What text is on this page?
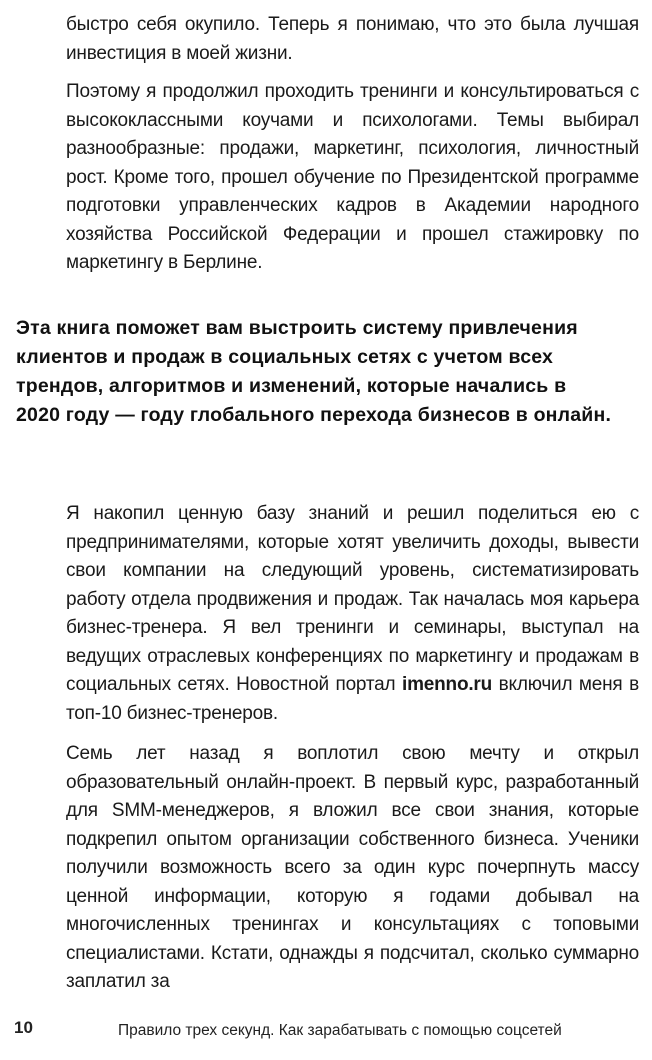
быстро себя окупило. Теперь я понимаю, что это была лучшая инвестиция в моей жизни.

Поэтому я продолжил проходить тренинги и консультироваться с высококлассными коучами и психологами. Темы выбирал разнообразные: продажи, маркетинг, психология, личностный рост. Кроме того, прошел обучение по Президентской программе подготовки управленческих кадров в Академии народного хозяйства Российской Федерации и прошел стажировку по маркетингу в Берлине.

Эта книга поможет вам выстроить систему привлечения клиентов и продаж в социальных сетях с учетом всех трендов, алгоритмов и изменений, которые начались в 2020 году — году глобального перехода бизнесов в онлайн.

Я накопил ценную базу знаний и решил поделиться ею с предпринимателями, которые хотят увеличить доходы, вывести свои компании на следующий уровень, систематизировать работу отдела продвижения и продаж. Так началась моя карьера бизнес-тренера. Я вел тренинги и семинары, выступал на ведущих отраслевых конференциях по маркетингу и продажам в социальных сетях. Новостной портал imenno.ru включил меня в топ-10 бизнес-тренеров.

Семь лет назад я воплотил свою мечту и открыл образовательный онлайн-проект. В первый курс, разработанный для SMM-менеджеров, я вложил все свои знания, которые подкрепил опытом организации собственного бизнеса. Ученики получили возможность всего за один курс почерпнуть массу ценной информации, которую я годами добывал на многочисленных тренингах и консультациях с топовыми специалистами. Кстати, однажды я подсчитал, сколько суммарно заплатил за

10	Правило трех секунд. Как зарабатывать с помощью соцсетей
